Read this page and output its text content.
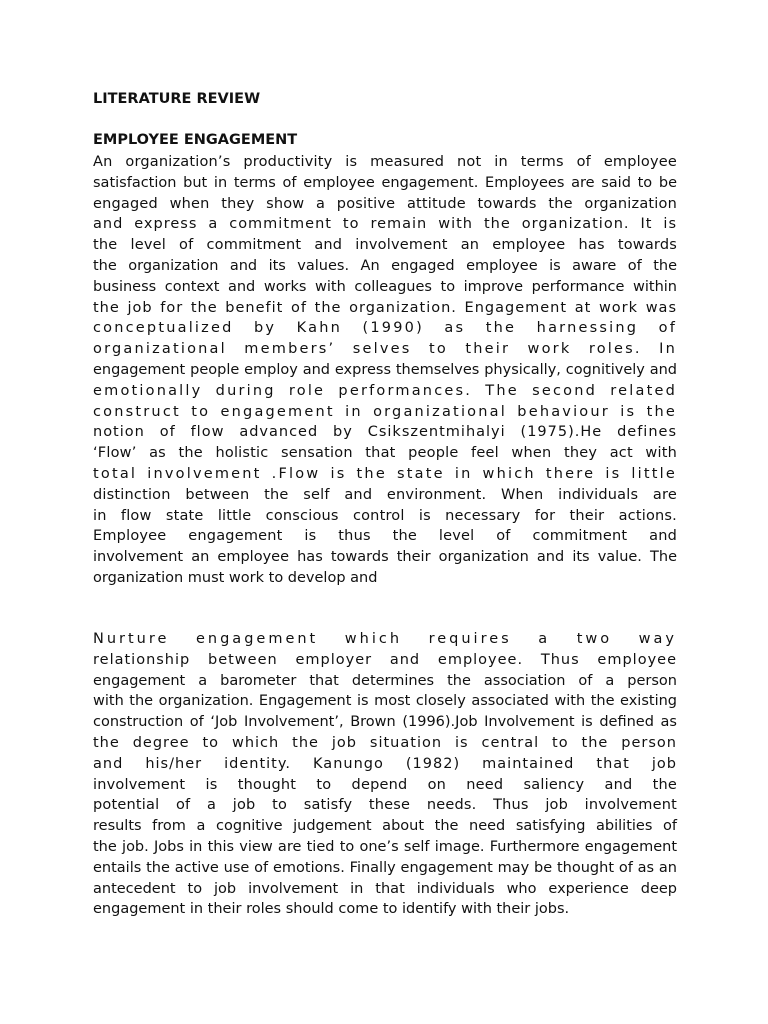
LITERATURE REVIEW
EMPLOYEE ENGAGEMENT
An organization’s productivity is measured not in terms of employee
satisfaction but in terms of employee engagement. Employees are said to be
engaged when they show a positive attitude towards the organization
and express a commitment to remain with the organization. It is
the level of commitment and involvement an employee has towards
the organization and its values. An engaged employee is aware of the
business context and works with colleagues to improve performance within
the job for the benefit of the organization. Engagement at work was
conceptualized by Kahn (1990) as the harnessing of
organizational members’ selves to their work roles. In
engagement people employ and express themselves physically, cognitively and
emotionally during role performances. The second related
construct to engagement in organizational behaviour is the
notion of flow advanced by Csikszentmihalyi (1975).He defines
‘Flow’ as the holistic sensation that people feel when they act with
total involvement .Flow is the state in which there is little
distinction between the self and environment. When individuals are
in flow state little conscious control is necessary for their actions.
Employee engagement is thus the level of commitment and
involvement an employee has towards their organization and its value. The
organization must work to develop and
Nurture engagement which requires a two way
relationship between employer and employee. Thus employee
engagement a barometer that determines the association of a person
with the organization. Engagement is most closely associated with the existing
construction of ‘Job Involvement’, Brown (1996).Job Involvement is defined as
the degree to which the job situation is central to the person
and his/her identity. Kanungo (1982) maintained that job
involvement is thought to depend on need saliency and the
potential of a job to satisfy these needs. Thus job involvement
results from a cognitive judgement about the need satisfying abilities of
the job. Jobs in this view are tied to one’s self image. Furthermore engagement
entails the active use of emotions. Finally engagement may be thought of as an
antecedent to job involvement in that individuals who experience deep
engagement in their roles should come to identify with their jobs.
